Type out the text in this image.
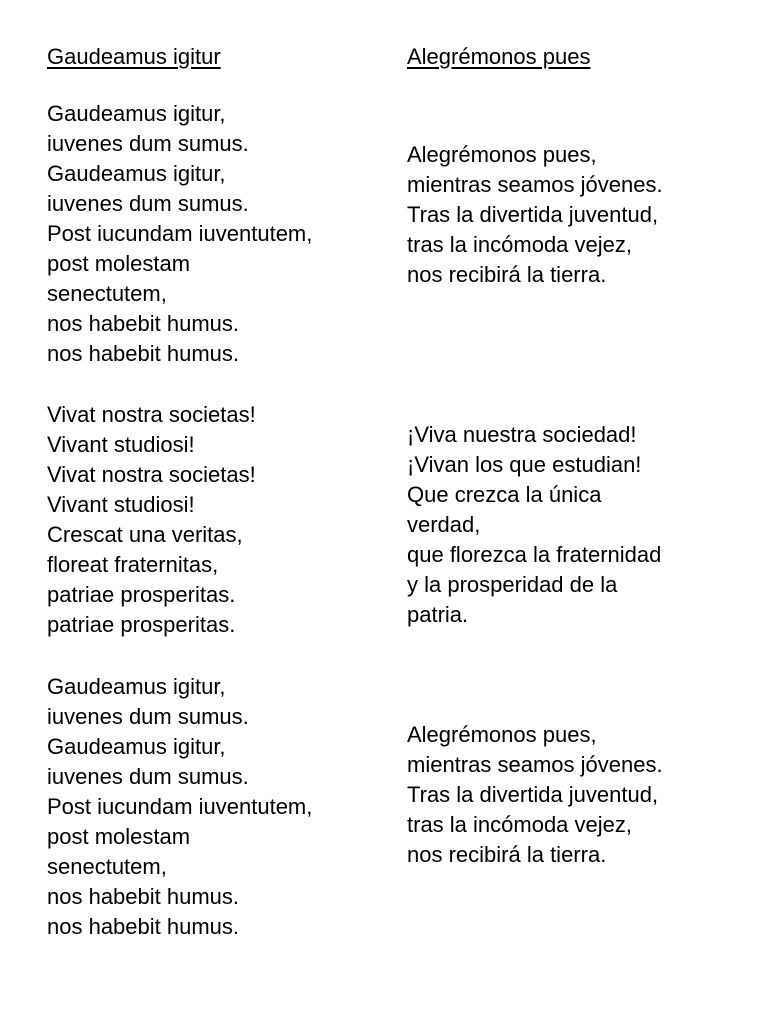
Gaudeamus igitur
Gaudeamus igitur,
iuvenes dum sumus.
Gaudeamus igitur,
iuvenes dum sumus.
Post iucundam iuventutem,
post molestam
senectutem,
nos habebit humus.
nos habebit humus.
Vivat nostra societas!
Vivant studiosi!
Vivat nostra societas!
Vivant studiosi!
Crescat una veritas,
floreat fraternitas,
patriae prosperitas.
patriae prosperitas.
Gaudeamus igitur,
iuvenes dum sumus.
Gaudeamus igitur,
iuvenes dum sumus.
Post iucundam iuventutem,
post molestam
senectutem,
nos habebit humus.
nos habebit humus.
Alegrémonos pues
Alegrémonos pues,
mientras seamos jóvenes.
Tras la divertida juventud,
tras la incómoda vejez,
nos recibirá la tierra.
¡Viva nuestra sociedad!
¡Vivan los que estudian!
Que crezca la única
verdad,
que florezca la fraternidad
y la prosperidad de la
patria.
Alegrémonos pues,
mientras seamos jóvenes.
Tras la divertida juventud,
tras la incómoda vejez,
nos recibirá la tierra.
